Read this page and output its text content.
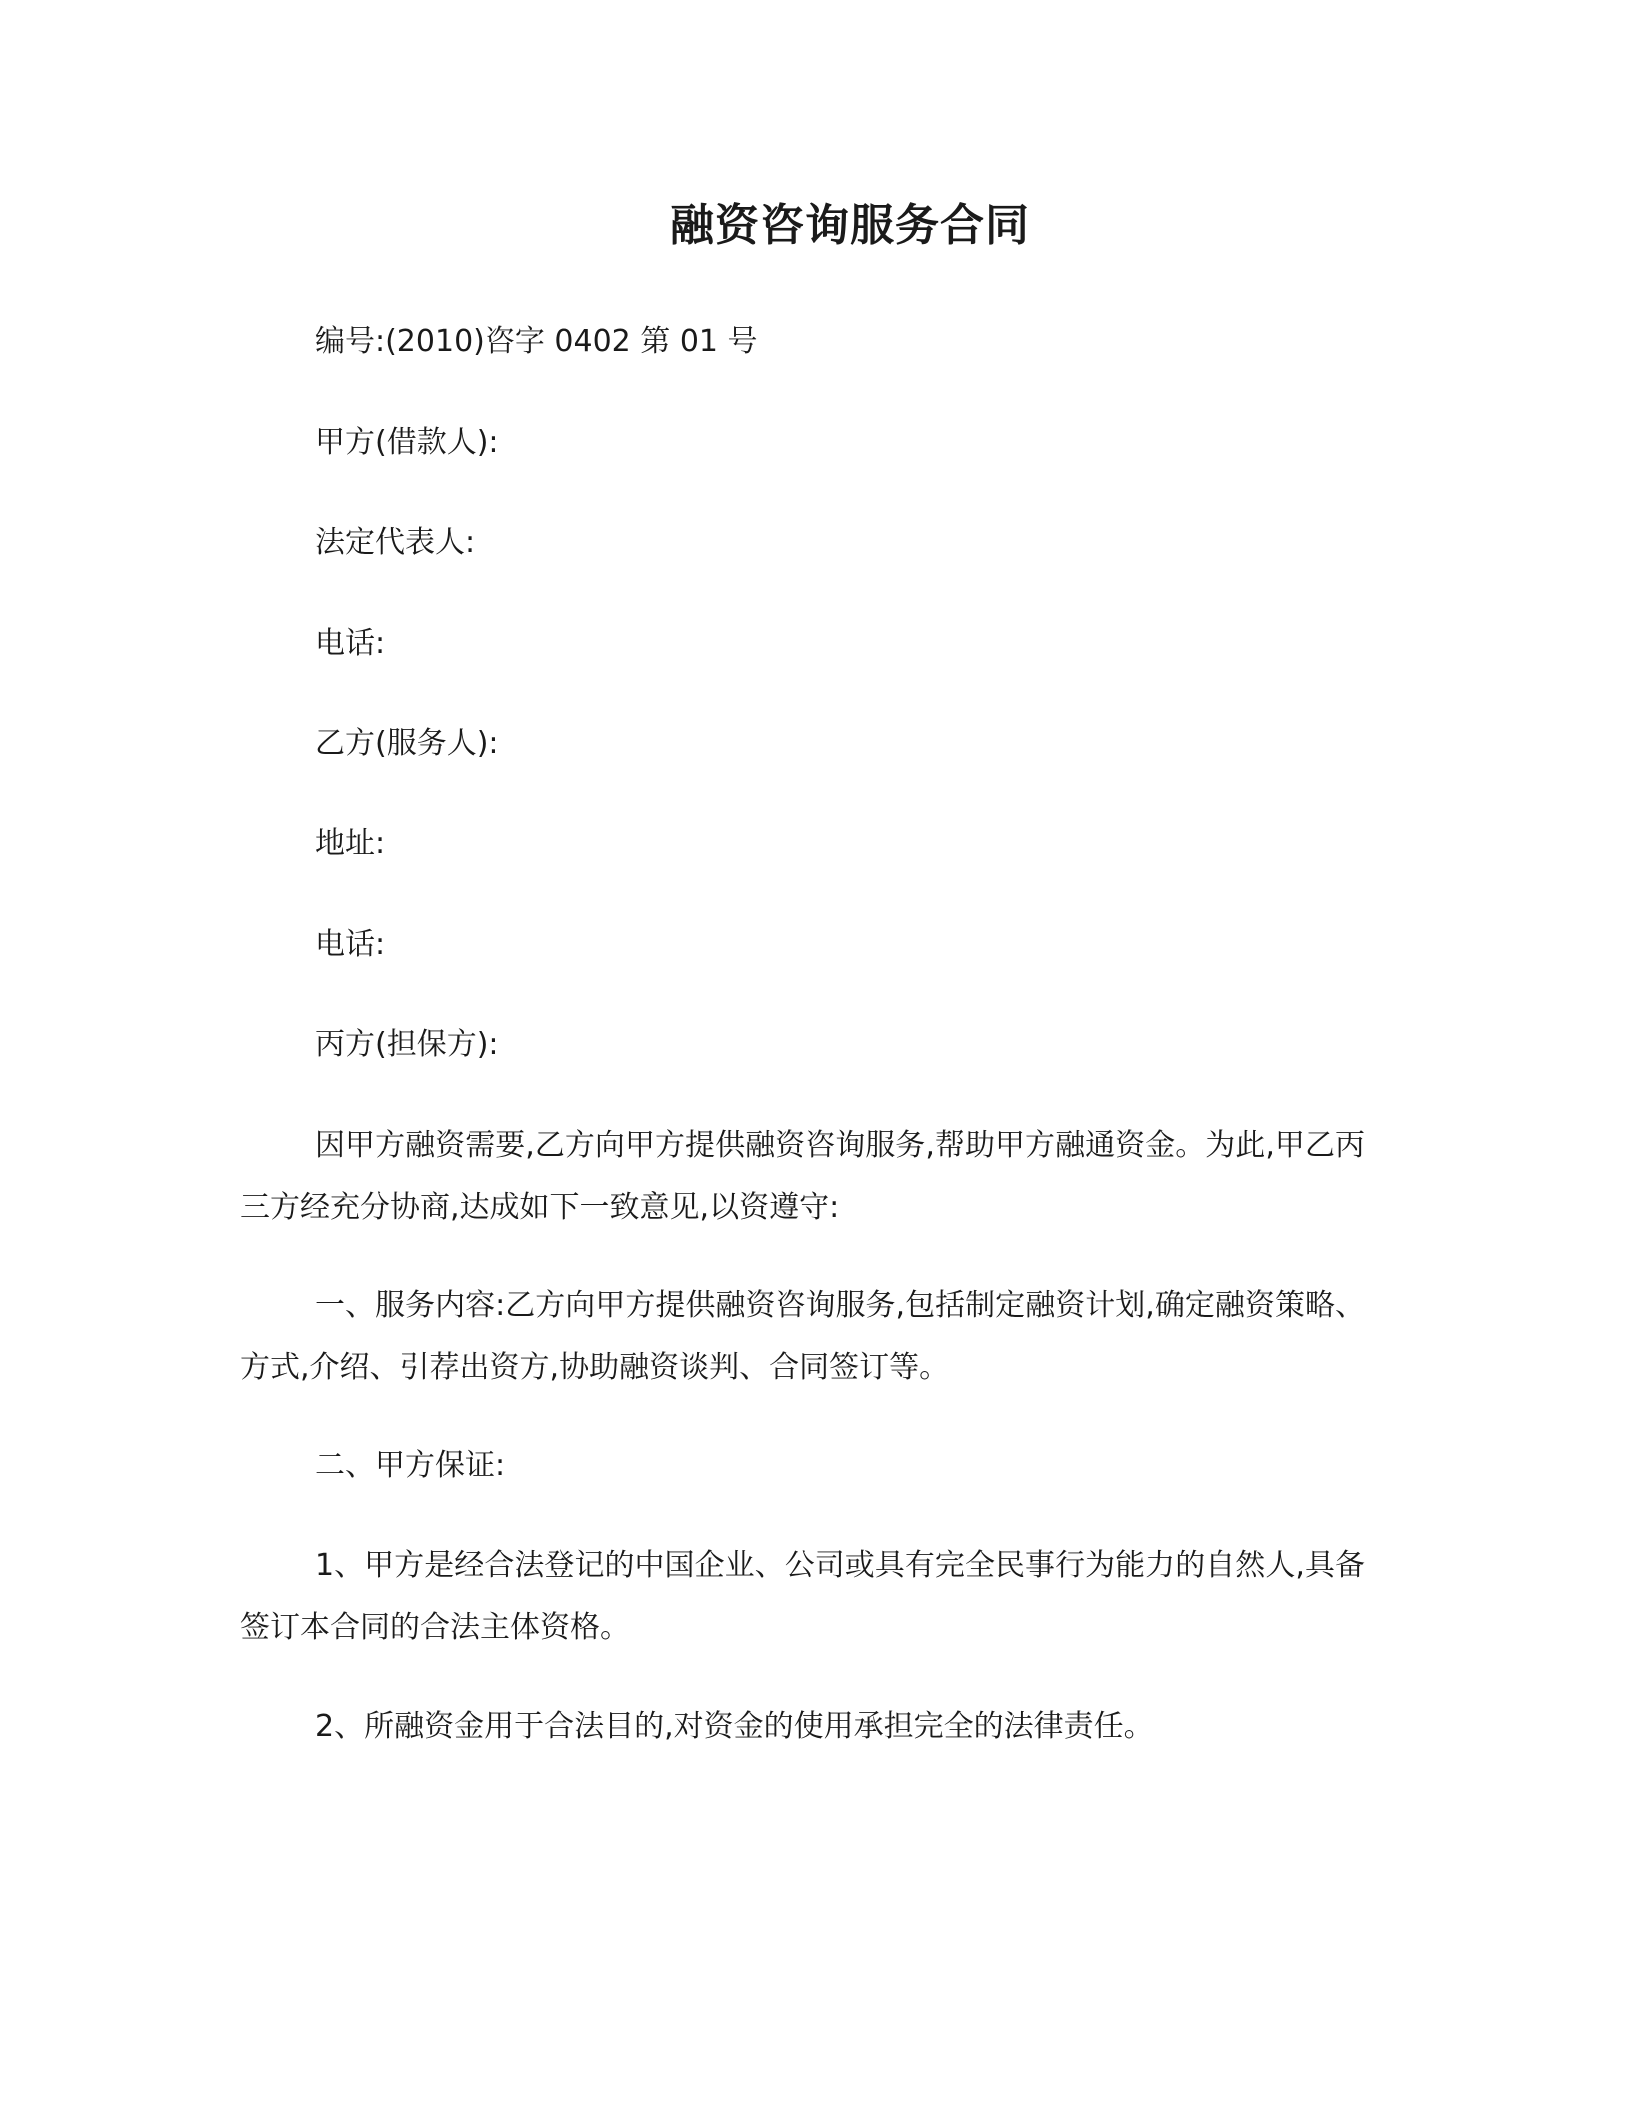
融资咨询服务合同

编号:(2010)咨字 0402 第 01 号

甲方(借款人):

法定代表人:

电话:

乙方(服务人):

地址:

电话:

丙方(担保方):

因甲方融资需要,乙方向甲方提供融资咨询服务,帮助甲方融通资金。为此,甲乙丙三方经充分协商,达成如下一致意见,以资遵守:

一、服务内容:乙方向甲方提供融资咨询服务,包括制定融资计划,确定融资策略、方式,介绍、引荐出资方,协助融资谈判、合同签订等。

二、甲方保证:

1、甲方是经合法登记的中国企业、公司或具有完全民事行为能力的自然人,具备签订本合同的合法主体资格。

2、所融资金用于合法目的,对资金的使用承担完全的法律责任。
